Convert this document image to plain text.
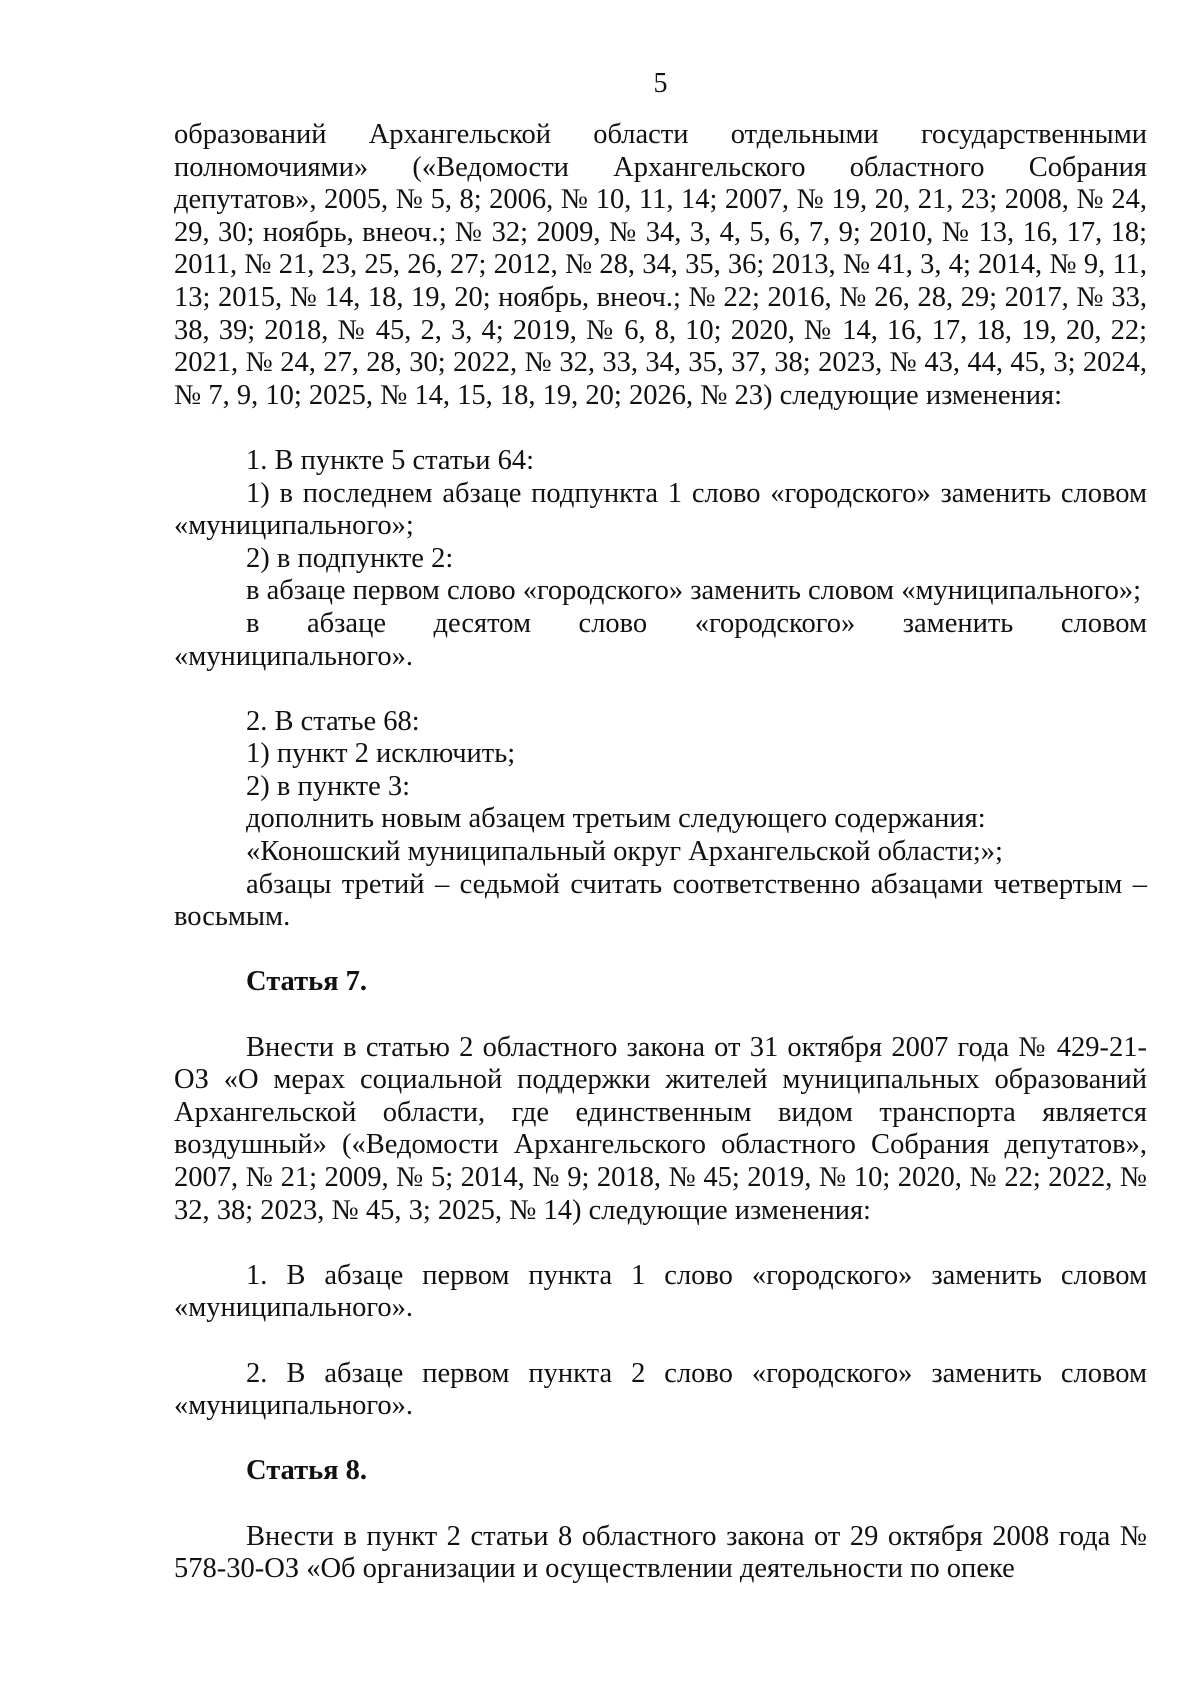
5

образований Архангельской области отдельными государственными полномочиями» («Ведомости Архангельского областного Собрания депутатов», 2005, № 5, 8; 2006, № 10, 11, 14; 2007, № 19, 20, 21, 23; 2008, № 24, 29, 30; ноябрь, внеоч.; № 32; 2009, № 34, 3, 4, 5, 6, 7, 9; 2010, № 13, 16, 17, 18; 2011, № 21, 23, 25, 26, 27; 2012, № 28, 34, 35, 36; 2013, № 41, 3, 4; 2014, № 9, 11, 13; 2015, № 14, 18, 19, 20; ноябрь, внеоч.; № 22; 2016, № 26, 28, 29; 2017, № 33, 38, 39; 2018, № 45, 2, 3, 4; 2019, № 6, 8, 10; 2020, № 14, 16, 17, 18, 19, 20, 22; 2021, № 24, 27, 28, 30; 2022, № 32, 33, 34, 35, 37, 38; 2023, № 43, 44, 45, 3; 2024, № 7, 9, 10; 2025, № 14, 15, 18, 19, 20; 2026, № 23) следующие изменения:

1. В пункте 5 статьи 64:

1) в последнем абзаце подпункта 1 слово «городского» заменить словом «муниципального»;

2) в подпункте 2:

в абзаце первом слово «городского» заменить словом «муниципального»;

в абзаце десятом слово «городского» заменить словом «муниципального».

2. В статье 68:

1) пункт 2 исключить;

2) в пункте 3:

дополнить новым абзацем третьим следующего содержания:

«Коношский муниципальный округ Архангельской области;»;

абзацы третий – седьмой считать соответственно абзацами четвертым – восьмым.

Статья 7.

Внести в статью 2 областного закона от 31 октября 2007 года № 429-21-ОЗ «О мерах социальной поддержки жителей муниципальных образований Архангельской области, где единственным видом транспорта является воздушный» («Ведомости Архангельского областного Собрания депутатов», 2007, № 21; 2009, № 5; 2014, № 9; 2018, № 45; 2019, № 10; 2020, № 22; 2022, № 32, 38; 2023, № 45, 3; 2025, № 14) следующие изменения:

1. В абзаце первом пункта 1 слово «городского» заменить словом «муниципального».

2. В абзаце первом пункта 2 слово «городского» заменить словом «муниципального».

Статья 8.

Внести в пункт 2 статьи 8 областного закона от 29 октября 2008 года № 578-30-ОЗ «Об организации и осуществлении деятельности по опеке
